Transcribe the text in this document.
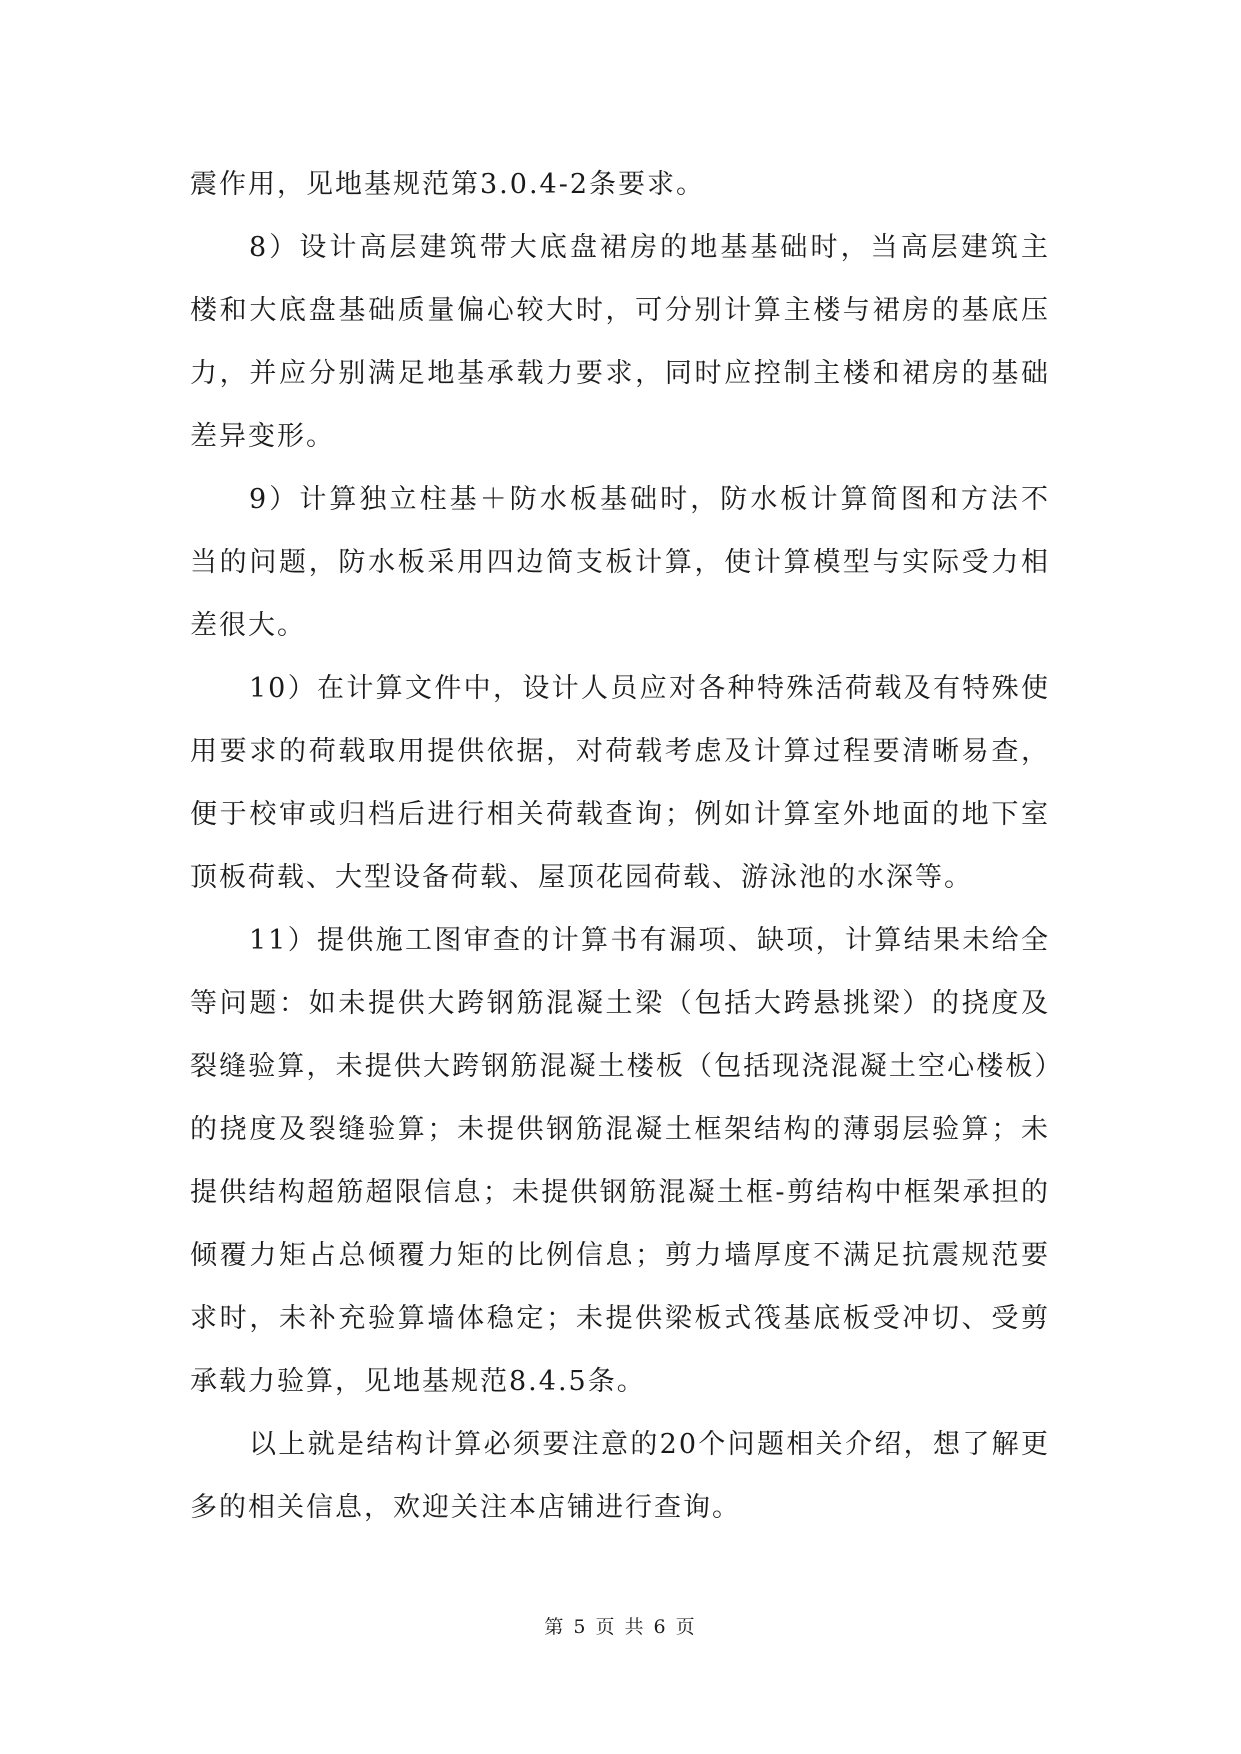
震作用，见地基规范第3.0.4-2条要求。

8）设计高层建筑带大底盘裙房的地基基础时，当高层建筑主楼和大底盘基础质量偏心较大时，可分别计算主楼与裙房的基底压力，并应分别满足地基承载力要求，同时应控制主楼和裙房的基础差异变形。

9）计算独立柱基＋防水板基础时，防水板计算简图和方法不当的问题，防水板采用四边简支板计算，使计算模型与实际受力相差很大。

10）在计算文件中，设计人员应对各种特殊活荷载及有特殊使用要求的荷载取用提供依据，对荷载考虑及计算过程要清晰易查，便于校审或归档后进行相关荷载查询；例如计算室外地面的地下室顶板荷载、大型设备荷载、屋顶花园荷载、游泳池的水深等。

11）提供施工图审查的计算书有漏项、缺项，计算结果未给全等问题：如未提供大跨钢筋混凝土梁（包括大跨悬挑梁）的挠度及裂缝验算，未提供大跨钢筋混凝土楼板（包括现浇混凝土空心楼板）的挠度及裂缝验算；未提供钢筋混凝土框架结构的薄弱层验算；未提供结构超筋超限信息；未提供钢筋混凝土框-剪结构中框架承担的倾覆力矩占总倾覆力矩的比例信息；剪力墙厚度不满足抗震规范要求时，未补充验算墙体稳定；未提供梁板式筏基底板受冲切、受剪承载力验算，见地基规范8.4.5条。

以上就是结构计算必须要注意的20个问题相关介绍，想了解更多的相关信息，欢迎关注本店铺进行查询。

第 5 页 共 6 页
